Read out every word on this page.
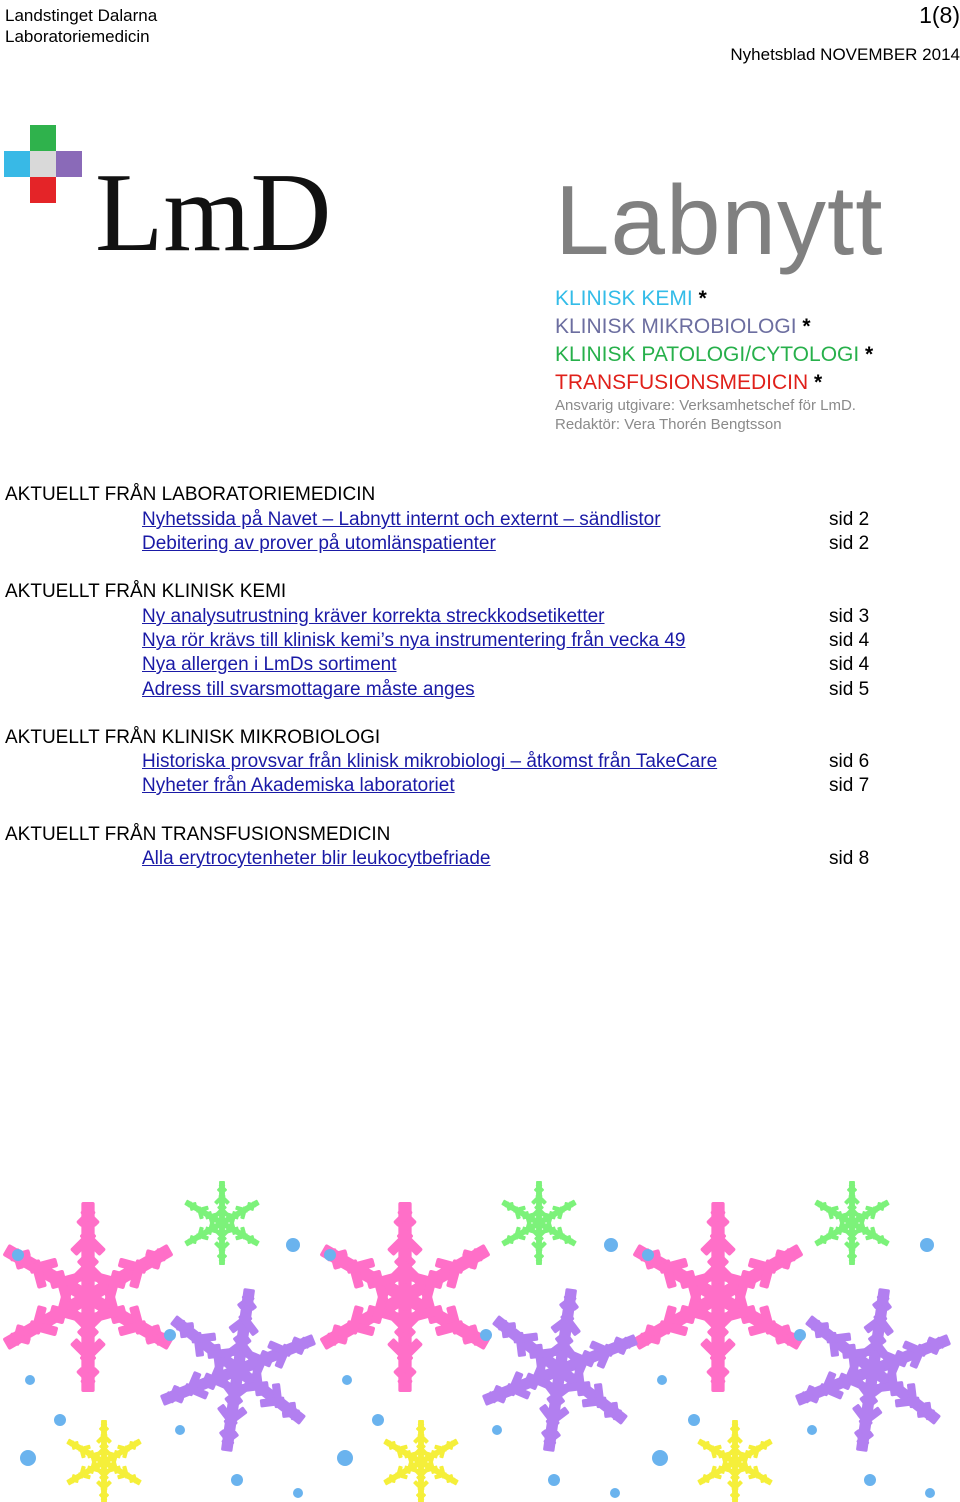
Landstinget Dalarna
Laboratoriemedicin
1(8)
Nyhetsblad NOVEMBER 2014
LmD Labnytt
KLINISK KEMI *
KLINISK MIKROBIOLOGI *
KLINISK PATOLOGI/CYTOLOGI *
TRANSFUSIONSMEDICIN *
Ansvarig utgivare: Verksamhetschef för LmD.
Redaktör: Vera Thorén Bengtsson
AKTUELLT FRÅN LABORATORIEMEDICIN
Nyhetssida på Navet – Labnytt internt och externt – sändlistor	sid 2
Debitering av prover på utomlänspatienter	sid 2
AKTUELLT FRÅN KLINISK KEMI
Ny analysutrustning kräver korrekta streckkodsetiketter	sid 3
Nya rör krävs till klinisk kemi’s nya instrumentering från vecka 49	sid 4
Nya allergen i LmDs sortiment	sid 4
Adress till svarsmottagare måste anges	sid 5
AKTUELLT FRÅN KLINISK MIKROBIOLOGI
Historiska provsvar från klinisk mikrobiologi – åtkomst från TakeCare	sid 6
Nyheter från Akademiska laboratoriet	sid 7
AKTUELLT FRÅN TRANSFUSIONSMEDICIN
Alla erytrocytenheter blir leukocytbefriade	sid 8
